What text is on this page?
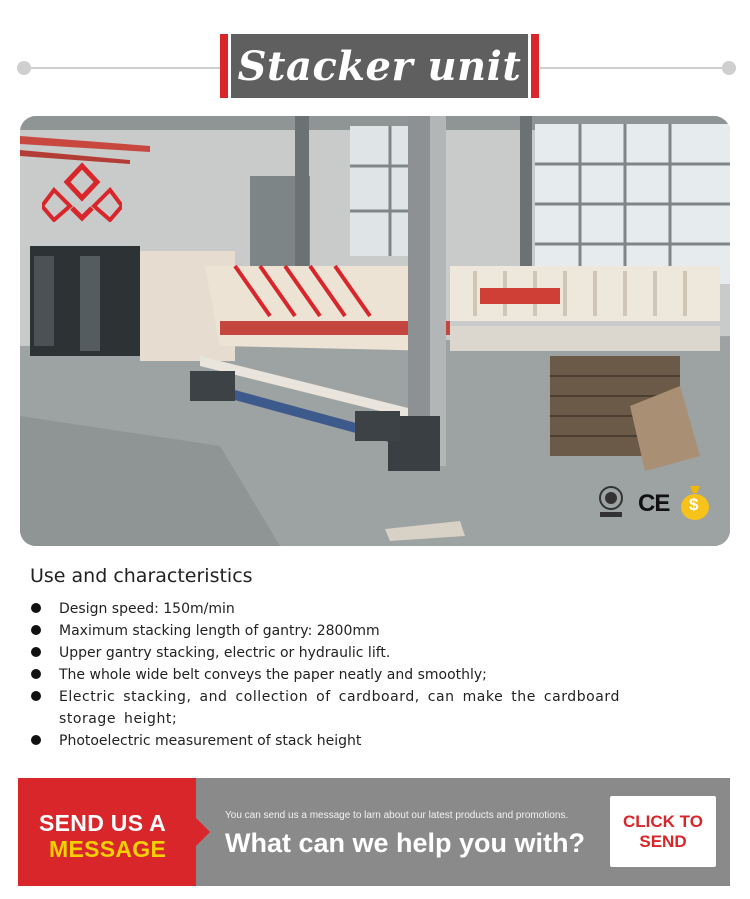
Stacker unit
CE $
Use and characteristics
Design speed: 150m/min
Maximum stacking length of gantry: 2800mm
Upper gantry stacking, electric or hydraulic lift.
The whole wide belt conveys the paper neatly and smoothly;
Electric stacking, and collection of cardboard, can make the cardboard storage height;
Photoelectric measurement of stack height
SEND US A
MESSAGE
You can send us a message to larn about our latest products and promotions.
What can we help you with?
CLICK TO
SEND
